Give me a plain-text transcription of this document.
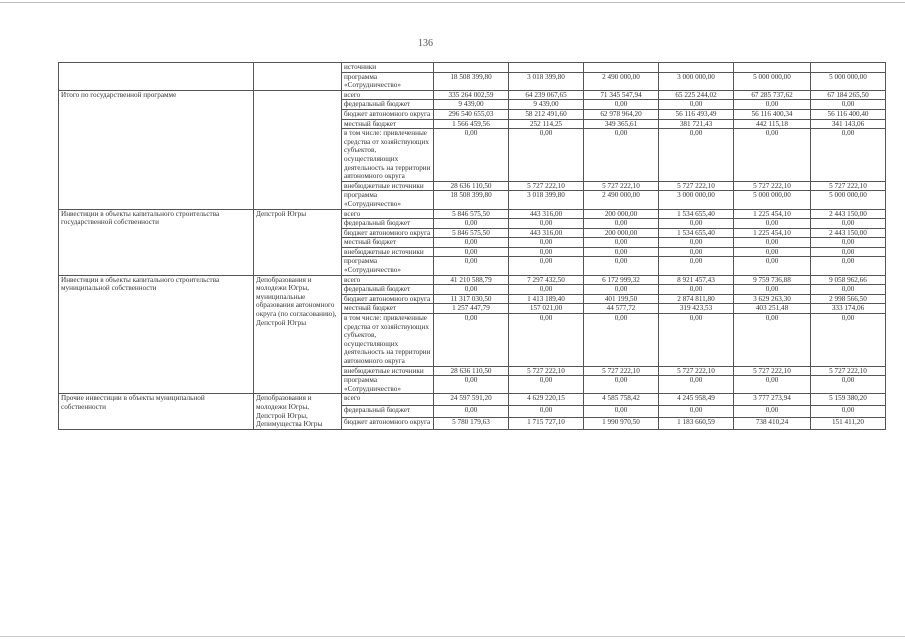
136
		источники						
		программа «Сотрудничество»	18 508 399,80	3 018 399,80	2 490 000,00	3 000 000,00	5 000 000,00	5 000 000,00
Итого по государственной программе		всего	335 264 002,59	64 239 067,65	71 345 547,94	65 225 244,02	67 285 737,62	67 184 265,50
		федеральный бюджет	9 439,00	9 439,00	0,00	0,00	0,00	0,00
		бюджет автономного округа	296 540 655,03	58 212 491,60	62 978 964,20	56 116 493,49	56 116 400,34	56 116 400,40
		местный бюджет	1 566 459,56	252 114,25	349 365,61	381 721,43	442 115,18	341 143,06
		в том числе: привлеченные средства от хозяйствующих субъектов, осуществляющих деятельность на территории автономного округа	0,00	0,00	0,00	0,00	0,00	0,00
		внебюджетные источники	28 636 110,50	5 727 222,10	5 727 222,10	5 727 222,10	5 727 222,10	5 727 222,10
		программа «Сотрудничество»	18 508 399,80	3 018 399,80	2 490 000,00	3 000 000,00	5 000 000,00	5 000 000,00
Инвестиции в объекты капитального строительства государственной собственности	Депстрой Югры	всего	5 846 575,50	443 316,00	200 000,00	1 534 655,40	1 225 454,10	2 443 150,00
		федеральный бюджет	0,00	0,00	0,00	0,00	0,00	0,00
		бюджет автономного округа	5 846 575,50	443 316,00	200 000,00	1 534 655,40	1 225 454,10	2 443 150,00
		местный бюджет	0,00	0,00	0,00	0,00	0,00	0,00
		внебюджетные источники	0,00	0,00	0,00	0,00	0,00	0,00
		программа «Сотрудничество»	0,00	0,00	0,00	0,00	0,00	0,00
Инвестиции в объекты капитального строительства муниципальной собственности	Депобразования и молодежи Югры, муниципальные образования автономного округа (по согласованию), Депстрой Югры	всего	41 210 588,79	7 297 432,50	6 172 999,32	8 921 457,43	9 759 736,88	9 058 962,66
		федеральный бюджет	0,00	0,00	0,00	0,00	0,00	0,00
		бюджет автономного округа	11 317 030,50	1 413 189,40	401 199,50	2 874 811,80	3 629 263,30	2 998 566,50
		местный бюджет	1 257 447,79	157 021,00	44 577,72	319 423,53	403 251,48	333 174,06
		в том числе: привлеченные средства от хозяйствующих субъектов, осуществляющих деятельность на территории автономного округа	0,00	0,00	0,00	0,00	0,00	0,00
		внебюджетные источники	28 636 110,50	5 727 222,10	5 727 222,10	5 727 222,10	5 727 222,10	5 727 222,10
		программа «Сотрудничество»	0,00	0,00	0,00	0,00	0,00	0,00
Прочие инвестиции в объекты муниципальной собственности	Депобразования и молодежи Югры, Депстрой Югры, Депимущества Югры	всего	24 597 591,20	4 629 220,15	4 585 758,42	4 245 958,49	3 777 273,94	5 159 380,20
		федеральный бюджет	0,00	0,00	0,00	0,00	0,00	0,00
		бюджет автономного округа	5 780 179,63	1 715 727,10	1 990 970,50	1 183 660,59	738 410,24	151 411,20
